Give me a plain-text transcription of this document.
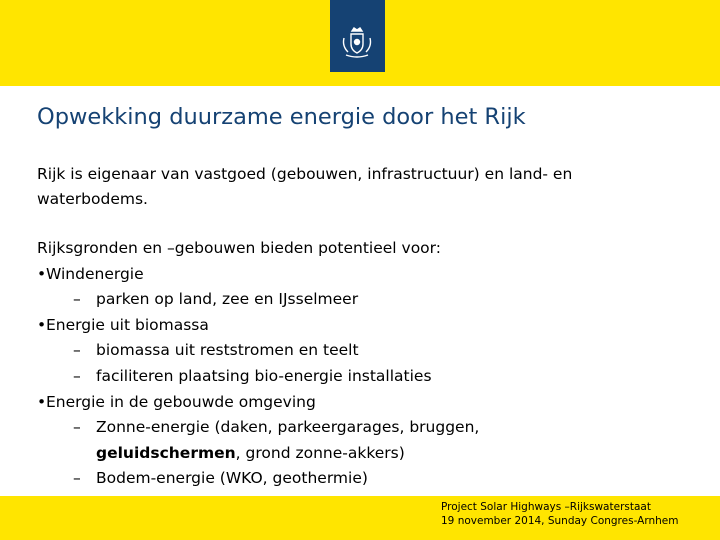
Opwekking duurzame energie door het Rijk

Rijk is eigenaar van vastgoed (gebouwen, infrastructuur) en land- en
waterbodems.

Rijksgronden en –gebouwen bieden potentieel voor:
•Windenergie
– parken op land, zee en IJsselmeer
•Energie uit biomassa
– biomassa uit reststromen en teelt
– faciliteren plaatsing bio-energie installaties
•Energie in de gebouwde omgeving
– Zonne-energie (daken, parkeergarages, bruggen,
geluidschermen, grond zonne-akkers)
– Bodem-energie (WKO, geothermie)
Project Solar Highways –Rijkswaterstaat
19 november 2014, Sunday Congres-Arnhem
